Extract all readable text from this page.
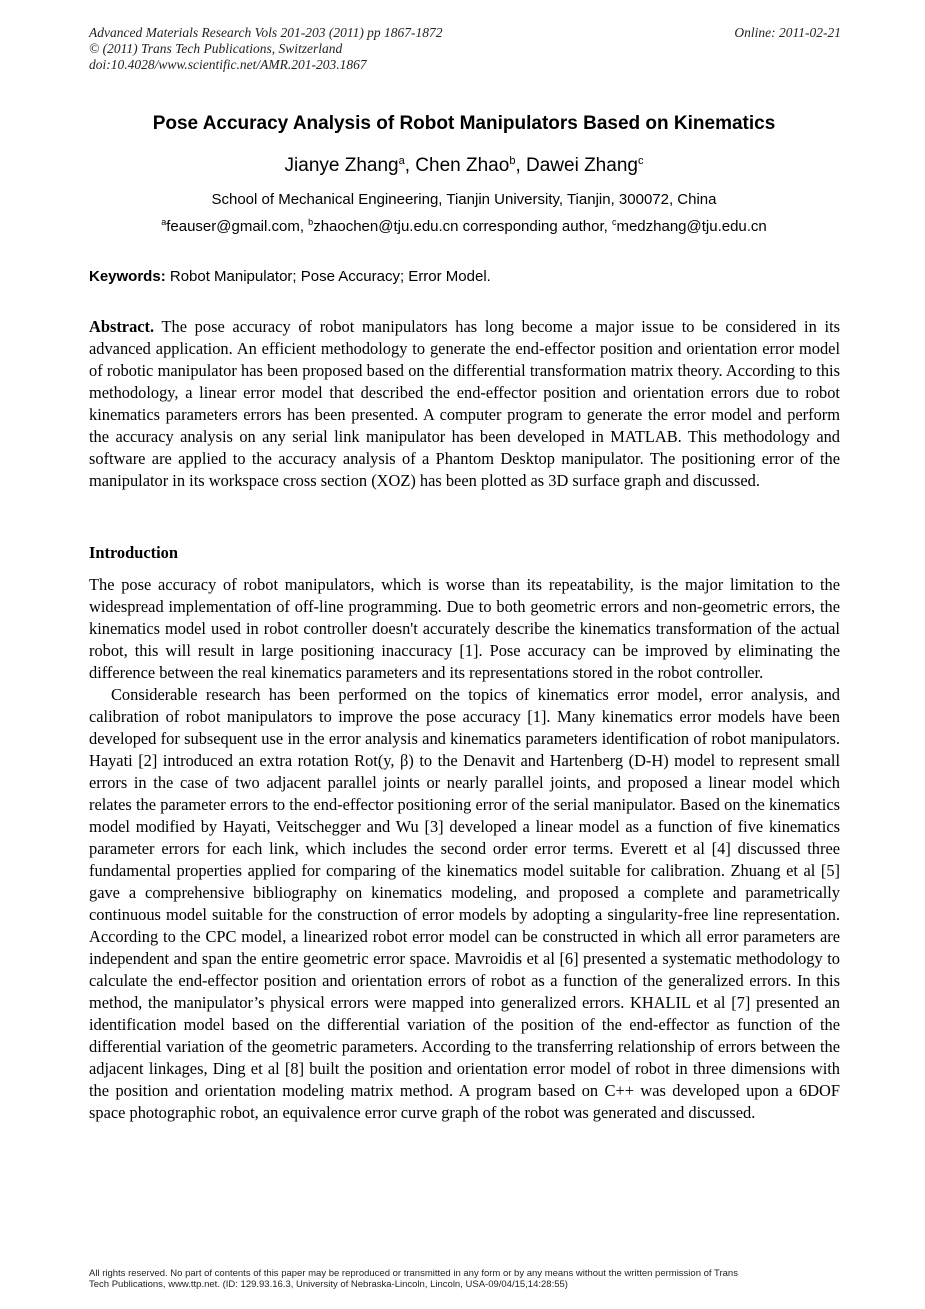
Advanced Materials Research Vols 201-203 (2011) pp 1867-1872	Online: 2011-02-21
© (2011) Trans Tech Publications, Switzerland
doi:10.4028/www.scientific.net/AMR.201-203.1867
Pose Accuracy Analysis of Robot Manipulators Based on Kinematics
Jianye Zhang$^a$, Chen Zhao$^b$, Dawei Zhang$^c$
School of Mechanical Engineering, Tianjin University, Tianjin, 300072, China
$^a$feauser@gmail.com, $^b$zhaochen@tju.edu.cn corresponding author, $^c$medzhang@tju.edu.cn
Keywords: Robot Manipulator; Pose Accuracy; Error Model.
Abstract. The pose accuracy of robot manipulators has long become a major issue to be considered in its advanced application. An efficient methodology to generate the end-effector position and orientation error model of robotic manipulator has been proposed based on the differential transformation matrix theory. According to this methodology, a linear error model that described the end-effector position and orientation errors due to robot kinematics parameters errors has been presented. A computer program to generate the error model and perform the accuracy analysis on any serial link manipulator has been developed in MATLAB. This methodology and software are applied to the accuracy analysis of a Phantom Desktop manipulator. The positioning error of the manipulator in its workspace cross section (XOZ) has been plotted as 3D surface graph and discussed.
Introduction

The pose accuracy of robot manipulators, which is worse than its repeatability, is the major limitation to the widespread implementation of off-line programming. Due to both geometric errors and non-geometric errors, the kinematics model used in robot controller doesn't accurately describe the kinematics transformation of the actual robot, this will result in large positioning inaccuracy [1]. Pose accuracy can be improved by eliminating the difference between the real kinematics parameters and its representations stored in the robot controller.

Considerable research has been performed on the topics of kinematics error model, error analysis, and calibration of robot manipulators to improve the pose accuracy [1]. Many kinematics error models have been developed for subsequent use in the error analysis and kinematics parameters identification of robot manipulators. Hayati [2] introduced an extra rotation Rot(y, β) to the Denavit and Hartenberg (D-H) model to represent small errors in the case of two adjacent parallel joints or nearly parallel joints, and proposed a linear model which relates the parameter errors to the end-effector positioning error of the serial manipulator. Based on the kinematics model modified by Hayati, Veitschegger and Wu [3] developed a linear model as a function of five kinematics parameter errors for each link, which includes the second order error terms. Everett et al [4] discussed three fundamental properties applied for comparing of the kinematics model suitable for calibration. Zhuang et al [5] gave a comprehensive bibliography on kinematics modeling, and proposed a complete and parametrically continuous model suitable for the construction of error models by adopting a singularity-free line representation. According to the CPC model, a linearized robot error model can be constructed in which all error parameters are independent and span the entire geometric error space. Mavroidis et al [6] presented a systematic methodology to calculate the end-effector position and orientation errors of robot as a function of the generalized errors. In this method, the manipulator’s physical errors were mapped into generalized errors. KHALIL et al [7] presented an identification model based on the differential variation of the position of the end-effector as function of the differential variation of the geometric parameters. According to the transferring relationship of errors between the adjacent linkages, Ding et al [8] built the position and orientation error model of robot in three dimensions with the position and orientation modeling matrix method. A program based on C++ was developed upon a 6DOF space photographic robot, an equivalence error curve graph of the robot was generated and discussed.

All rights reserved. No part of contents of this paper may be reproduced or transmitted in any form or by any means without the written permission of Trans
Tech Publications, www.ttp.net. (ID: 129.93.16.3, University of Nebraska-Lincoln, Lincoln, USA-09/04/15,14:28:55)
